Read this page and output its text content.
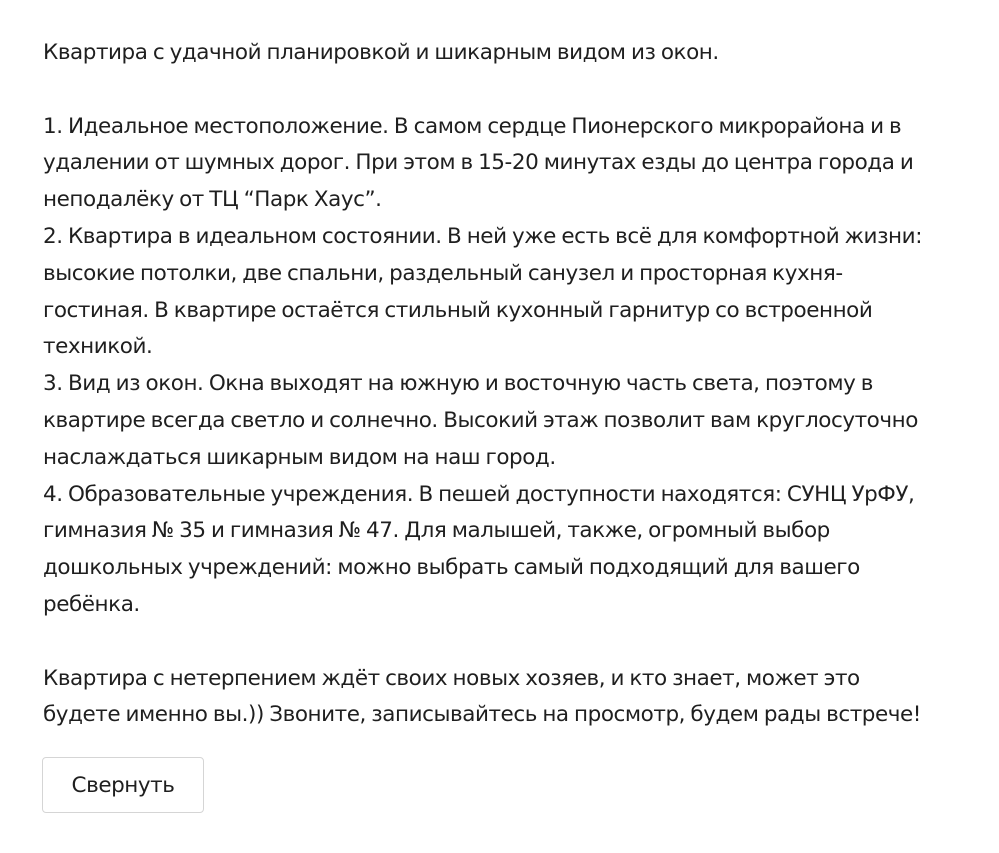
Квартира с удачной планировкой и шикарным видом из окон.

1. Идеальное местоположение. В самом сердце Пионерского микрорайона и в

удалении от шумных дорог. При этом в 15-20 минутах езды до центра города и

неподалёку от ТЦ “Парк Хаус”.

2. Квартира в идеальном состоянии. В ней уже есть всё для комфортной жизни:

высокие потолки, две спальни, раздельный санузел и просторная кухня-

гостиная. В квартире остаётся стильный кухонный гарнитур со встроенной

техникой.

3. Вид из окон. Окна выходят на южную и восточную часть света, поэтому в

квартире всегда светло и солнечно. Высокий этаж позволит вам круглосуточно

наслаждаться шикарным видом на наш город.

4. Образовательные учреждения. В пешей доступности находятся: СУНЦ УрФУ,

гимназия № 35 и гимназия № 47. Для малышей, также, огромный выбор

дошкольных учреждений: можно выбрать самый подходящий для вашего

ребёнка.

Квартира с нетерпением ждёт своих новых хозяев, и кто знает, может это

будете именно вы.)) Звоните, записывайтесь на просмотр, будем рады встрече!

Свернуть
